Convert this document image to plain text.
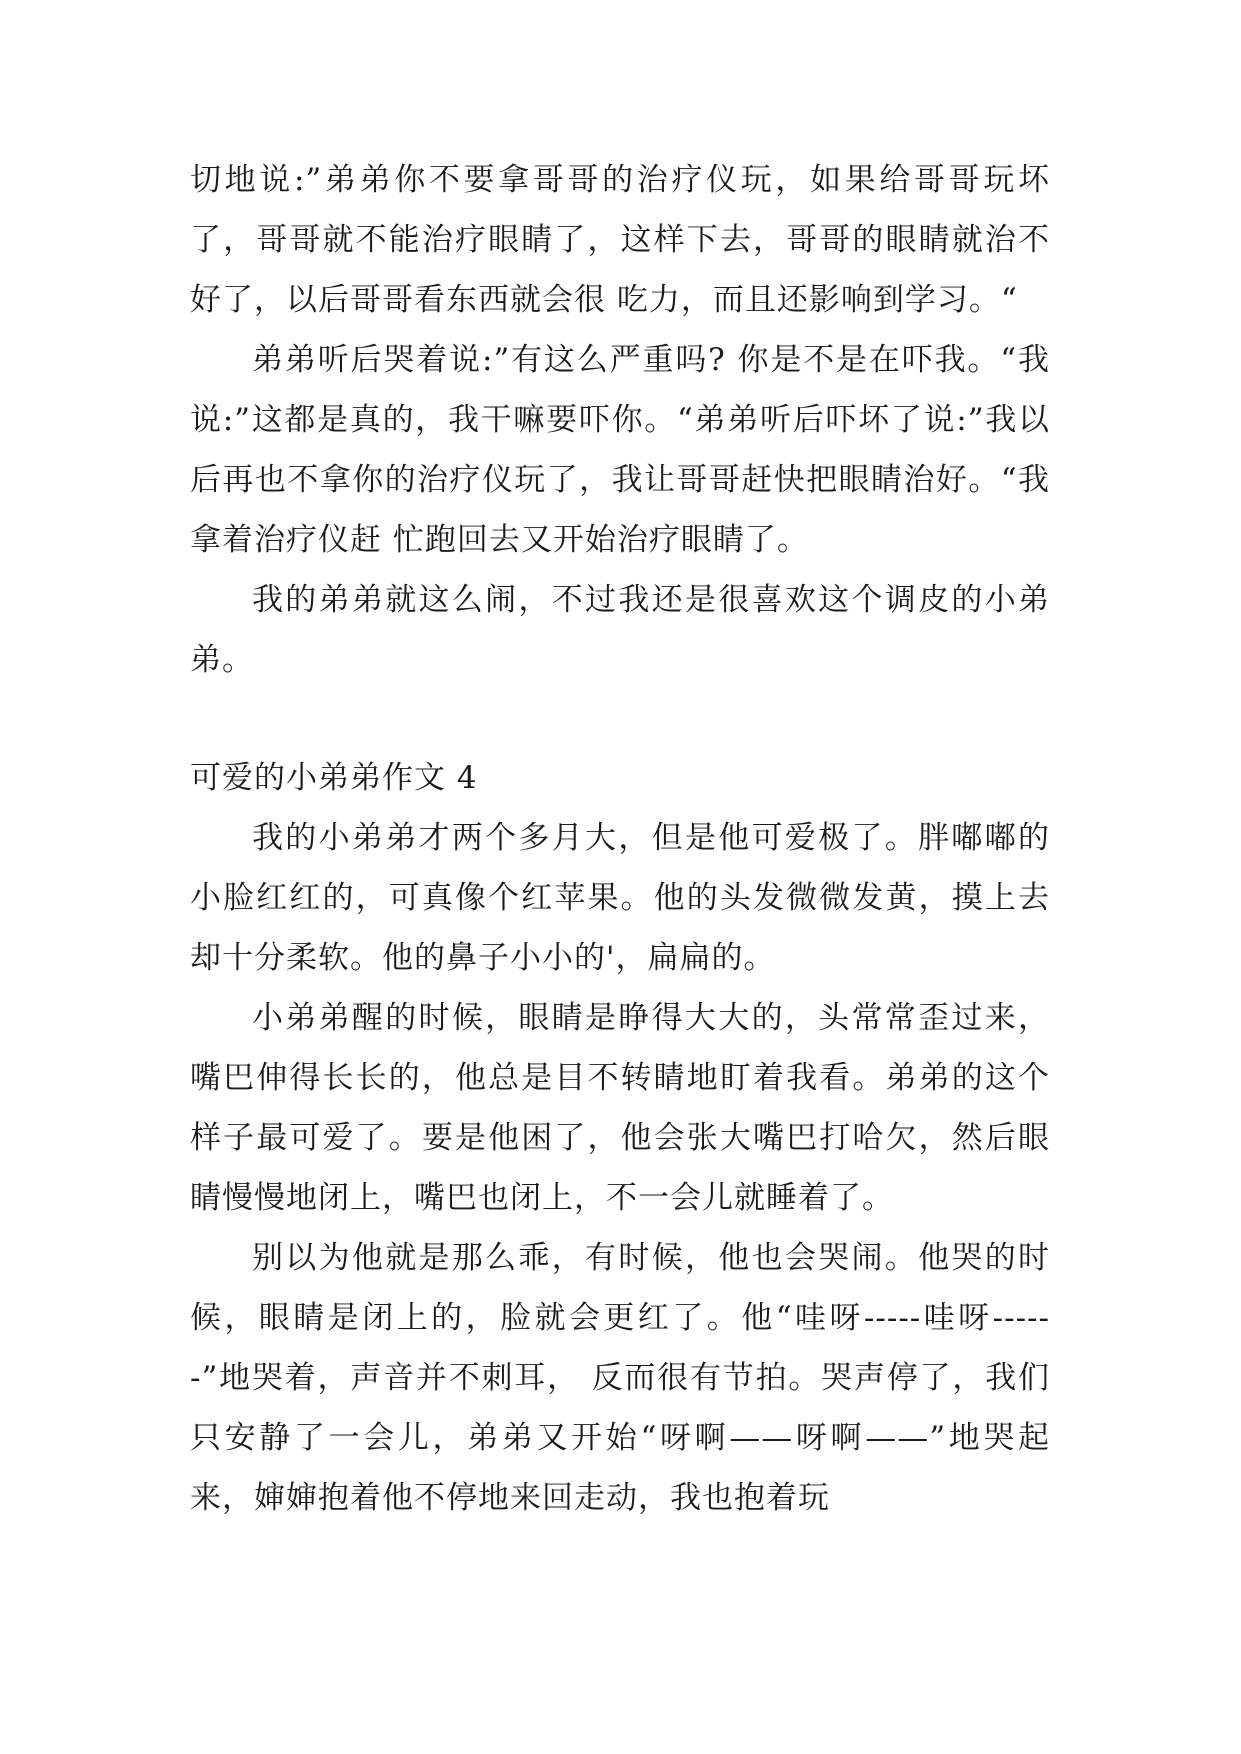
切地说:”弟弟你不要拿哥哥的治疗仪玩，如果给哥哥玩坏了，哥哥就不能治疗眼睛了，这样下去，哥哥的眼睛就治不好了，以后哥哥看东西就会很 吃力，而且还影响到学习。“

弟弟听后哭着说:”有这么严重吗? 你是不是在吓我。“我说:”这都是真的，我干嘛要吓你。“弟弟听后吓坏了说:”我以后再也不拿你的治疗仪玩了，我让哥哥赶快把眼睛治好。“我拿着治疗仪赶 忙跑回去又开始治疗眼睛了。

我的弟弟就这么闹，不过我还是很喜欢这个调皮的小弟弟。

可爱的小弟弟作文 4

我的小弟弟才两个多月大，但是他可爱极了。胖嘟嘟的小脸红红的，可真像个红苹果。他的头发微微发黄，摸上去却十分柔软。他的鼻子小小的'，扁扁的。

小弟弟醒的时候，眼睛是睁得大大的，头常常歪过来，嘴巴伸得长长的，他总是目不转睛地盯着我看。弟弟的这个样子最可爱了。要是他困了，他会张大嘴巴打哈欠，然后眼睛慢慢地闭上，嘴巴也闭上，不一会儿就睡着了。

别以为他就是那么乖，有时候，他也会哭闹。他哭的时候，眼睛是闭上的，脸就会更红了。他“哇呀-----哇呀------”地哭着，声音并不刺耳， 反而很有节拍。哭声停了，我们只安静了一会儿，弟弟又开始“呀啊——呀啊——”地哭起来，婶婶抱着他不停地来回走动，我也抱着玩
